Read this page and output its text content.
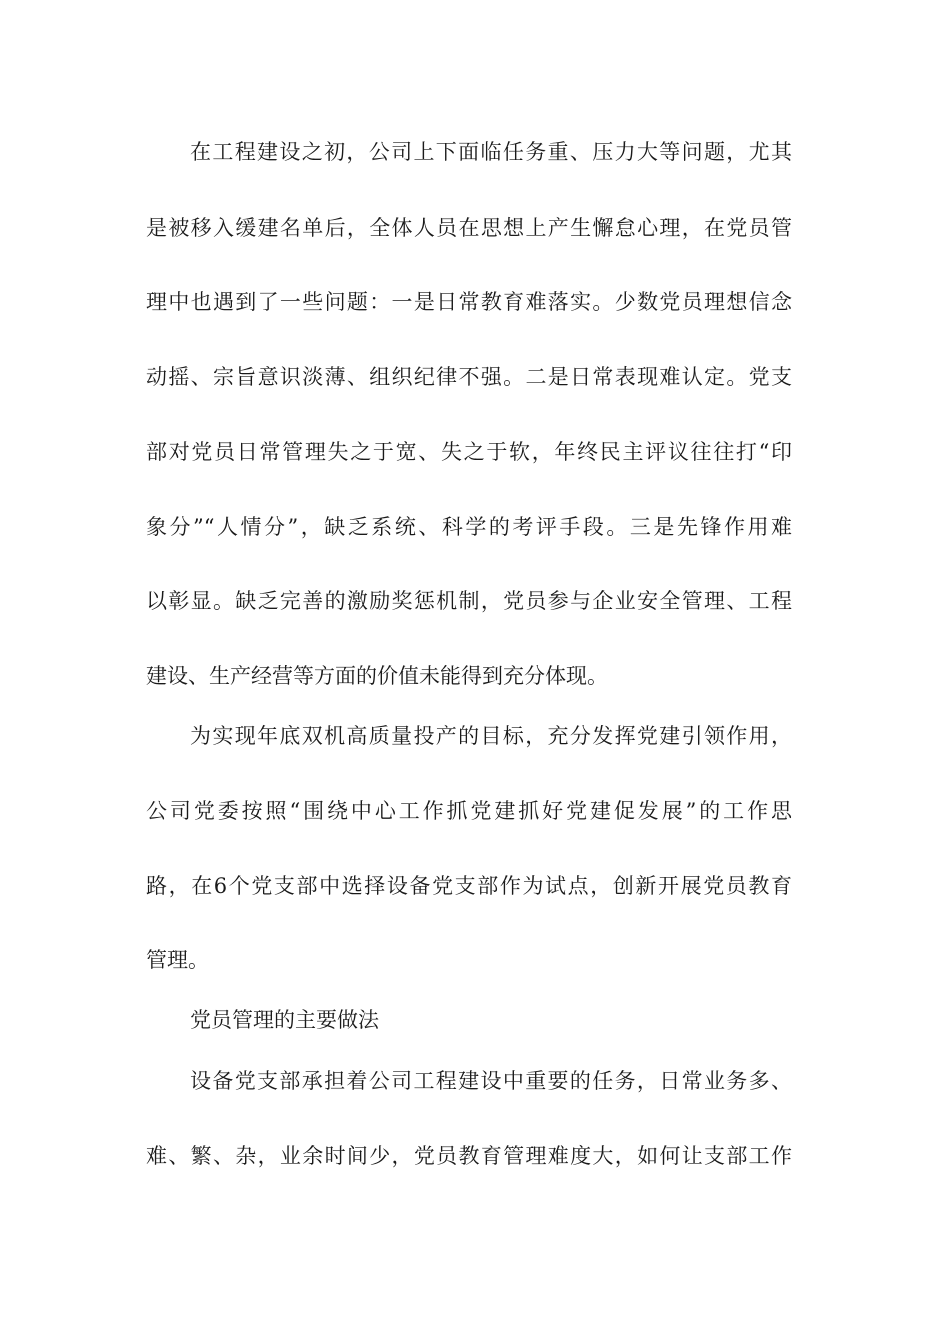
在工程建设之初，公司上下面临任务重、压力大等问题，尤其
是被移入缓建名单后，全体人员在思想上产生懈怠心理，在党员管
理中也遇到了一些问题：一是日常教育难落实。少数党员理想信念
动摇、宗旨意识淡薄、组织纪律不强。二是日常表现难认定。党支
部对党员日常管理失之于宽、失之于软，年终民主评议往往打“印
象分”“人情分”，缺乏系统、科学的考评手段。三是先锋作用难
以彰显。缺乏完善的激励奖惩机制，党员参与企业安全管理、工程
建设、生产经营等方面的价值未能得到充分体现。
为实现年底双机高质量投产的目标，充分发挥党建引领作用，
公司党委按照“围绕中心工作抓党建抓好党建促发展”的工作思
路，在6个党支部中选择设备党支部作为试点，创新开展党员教育
管理。
党员管理的主要做法
设备党支部承担着公司工程建设中重要的任务，日常业务多、
难、繁、杂，业余时间少，党员教育管理难度大，如何让支部工作
